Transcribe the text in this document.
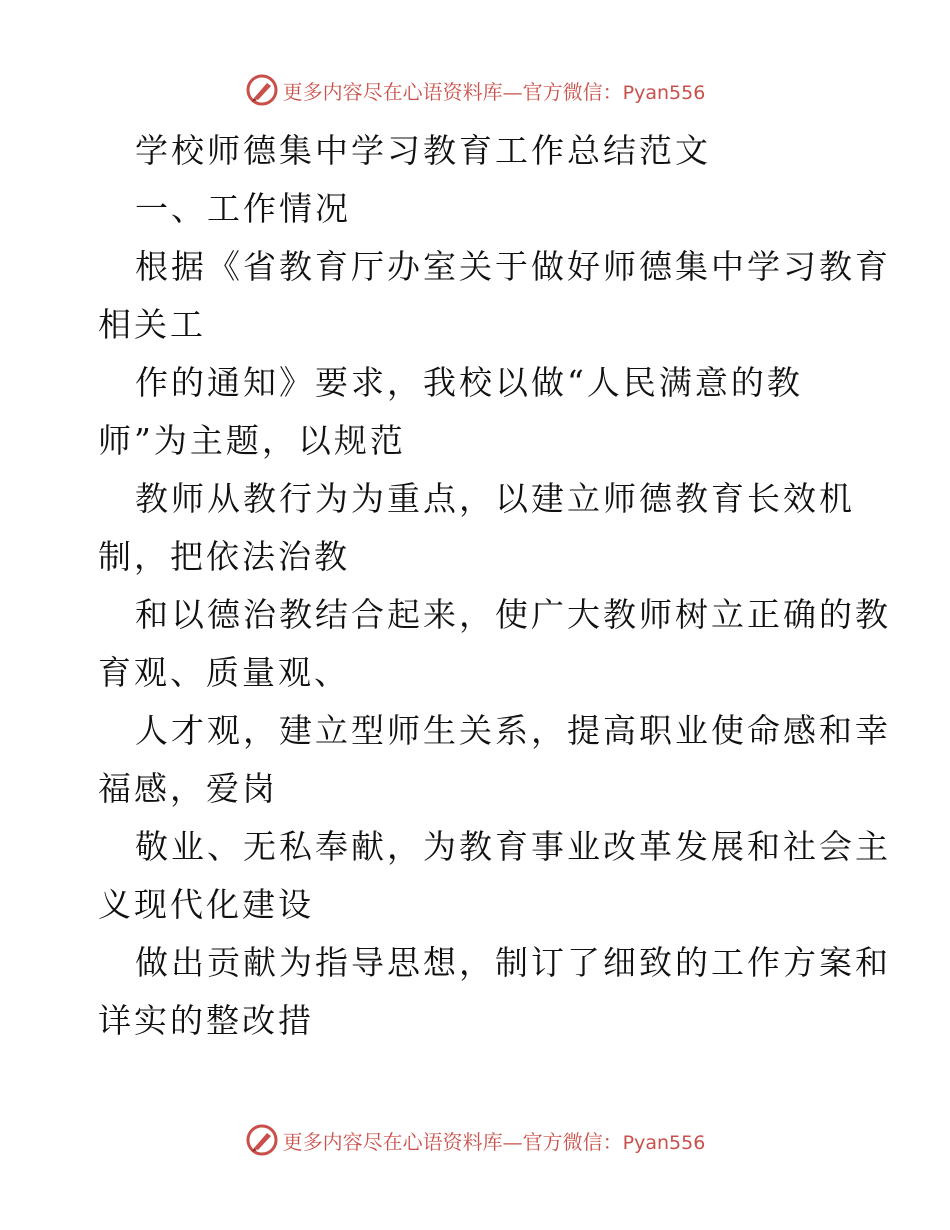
更多内容尽在心语资料库—官方微信：Pyan556
学校师德集中学习教育工作总结范文
一、工作情况
根据《省教育厅办室关于做好师德集中学习教育
相关工
作的通知》要求，我校以做“人民满意的教
师”为主题，以规范
教师从教行为为重点，以建立师德教育长效机
制，把依法治教
和以德治教结合起来，使广大教师树立正确的教
育观、质量观、
人才观，建立型师生关系，提高职业使命感和幸
福感，爱岗
敬业、无私奉献，为教育事业改革发展和社会主
义现代化建设
做出贡献为指导思想，制订了细致的工作方案和
详实的整改措
更多内容尽在心语资料库—官方微信：Pyan556
